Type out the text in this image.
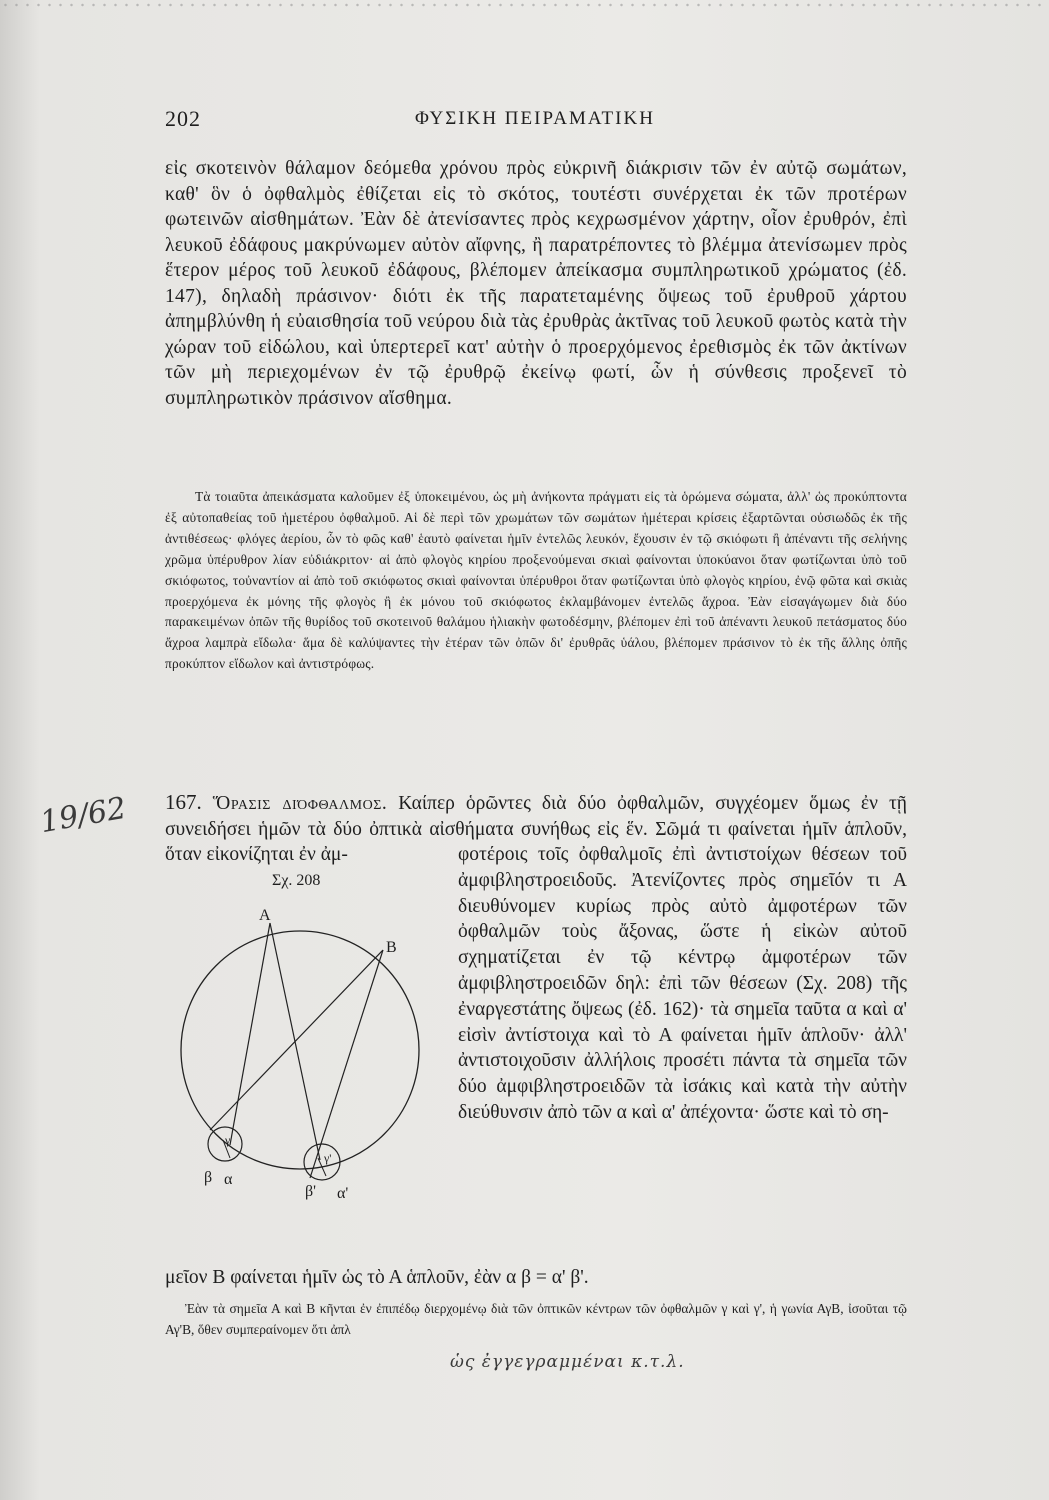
202	ΦΥΣΙΚΗ ΠΕΙΡΑΜΑΤΙΚΗ
εἰς σκοτεινὸν θάλαμον δεόμεθα χρόνου πρὸς εὐκρινῆ διάκρισιν τῶν ἐν αὐτῷ σωμάτων, καθ' ὃν ὁ ὀφθαλμὸς ἐθίζεται εἰς τὸ σκότος, τουτέστι συνέρχεται ἐκ τῶν προτέρων φωτεινῶν αἰσθημάτων. Ἐὰν δὲ ἀτενίσαντες πρὸς κεχρωσμένον χάρτην, οἷον ἐρυθρόν, ἐπὶ λευκοῦ ἐδάφους μακρύνωμεν αὐτὸν αἴφνης, ἢ παρατρέποντες τὸ βλέμμα ἀτενίσωμεν πρὸς ἕτερον μέρος τοῦ λευκοῦ ἐδάφους, βλέπομεν ἀπείκασμα συμπληρωτικοῦ χρώματος (ἐδ. 147), δηλαδὴ πράσινον· διότι ἐκ τῆς παρατεταμένης ὄψεως τοῦ ἐρυθροῦ χάρτου ἀπημβλύνθη ἡ εὐαισθησία τοῦ νεύρου διὰ τὰς ἐρυθρὰς ἀκτῖνας τοῦ λευκοῦ φωτὸς κατὰ τὴν χώραν τοῦ εἰδώλου, καὶ ὑπερτερεῖ κατ' αὐτὴν ὁ προερχόμενος ἐρεθισμὸς ἐκ τῶν ἀκτίνων τῶν μὴ περιεχομένων ἐν τῷ ἐρυθρῷ ἐκείνῳ φωτί, ὧν ἡ σύνθεσις προξενεῖ τὸ συμπληρωτικὸν πράσινον αἴσθημα.
Τὰ τοιαῦτα ἀπεικάσματα καλοῦμεν ἐξ ὑποκειμένου, ὡς μὴ ἀνήκοντα πράγματι εἰς τὰ ὁρώμενα σώματα, ἀλλ' ὡς προκύπτοντα ἐξ αὐτοπαθείας τοῦ ἡμετέρου ὀφθαλμοῦ. Αἱ δὲ περὶ τῶν χρωμάτων τῶν σωμάτων ἡμέτεραι κρίσεις ἐξαρτῶνται οὐσιωδῶς ἐκ τῆς ἀντιθέσεως· φλόγες ἀερίου, ὧν τὸ φῶς καθ' ἑαυτὸ φαίνεται ἡμῖν ἐντελῶς λευκόν, ἔχουσιν ἐν τῷ σκιόφωτι ἢ ἀπέναντι τῆς σελήνης χρῶμα ὑπέρυθρον λίαν εὐδιάκριτον· αἱ ἀπὸ φλογὸς κηρίου προξενούμεναι σκιαὶ φαίνονται ὑποκύανοι ὅταν φωτίζωνται ὑπὸ τοῦ σκιόφωτος, τοὐναντίον αἱ ἀπὸ τοῦ σκιόφωτος σκιαὶ φαίνονται ὑπέρυθροι ὅταν φωτίζωνται ὑπὸ φλογὸς κηρίου, ἐνῷ φῶτα καὶ σκιὰς προερχόμενα ἐκ μόνης τῆς φλογὸς ἢ ἐκ μόνου τοῦ σκιόφωτος ἐκλαμβάνομεν ἐντελῶς ἄχροα. Ἐὰν εἰσαγάγωμεν διὰ δύο παρακειμένων ὀπῶν τῆς θυρίδος τοῦ σκοτεινοῦ θαλάμου ἡλιακὴν φωτοδέσμην, βλέπομεν ἐπὶ τοῦ ἀπέναντι λευκοῦ πετάσματος δύο ἄχροα λαμπρὰ εἴδωλα· ἅμα δὲ καλύψαντες τὴν ἑτέραν τῶν ὀπῶν δι' ἐρυθρᾶς ὑάλου, βλέπομεν πράσινον τὸ ἐκ τῆς ἄλλης ὀπῆς προκύπτον εἴδωλον καὶ ἀντιστρόφως.
167. Ὅρασις διόφθαλμος. Καίπερ ὁρῶντες διὰ δύο ὀφθαλμῶν, συγχέομεν ὅμως ἐν τῇ συνειδήσει ἡμῶν τὰ δύο ὀπτικὰ αἰσθήματα συνήθως εἰς ἕν. Σῶμά τι φαίνεται ἡμῖν ἁπλοῦν, ὅταν εἰκονίζηται ἐν ἀμ-
Σχ. 208
A
B
γ
γ'
β α
β' α'
φοτέροις τοῖς ὀφθαλμοῖς ἐπὶ ἀντιστοίχων θέσεων τοῦ ἀμφιβληστροειδοῦς. Ἀτενίζοντες πρὸς σημεῖόν τι Α διευθύνομεν κυρίως πρὸς αὐτὸ ἀμφοτέρων τῶν ὀφθαλμῶν τοὺς ἄξονας, ὥστε ἡ εἰκὼν αὐτοῦ σχηματίζεται ἐν τῷ κέντρῳ ἀμφοτέρων τῶν ἀμφιβληστροειδῶν δηλ: ἐπὶ τῶν θέσεων (Σχ. 208) τῆς ἐναργεστάτης ὄψεως (ἐδ. 162)· τὰ σημεῖα ταῦτα α καὶ α' εἰσὶν ἀντίστοιχα καὶ τὸ Α φαίνεται ἡμῖν ἁπλοῦν· ἀλλ' ἀντιστοιχοῦσιν ἀλλήλοις προσέτι πάντα τὰ σημεῖα τῶν δύο ἀμφιβληστροειδῶν τὰ ἰσάκις καὶ κατὰ τὴν αὐτὴν διεύθυνσιν ἀπὸ τῶν α καὶ α' ἀπέχοντα· ὥστε καὶ τὸ ση-
μεῖον Β φαίνεται ἡμῖν ὡς τὸ Α ἁπλοῦν, ἐὰν α β = α' β'.
Ἐὰν τὰ σημεῖα Α καὶ Β κῆνται ἐν ἐπιπέδῳ διερχομένῳ διὰ τῶν ὀπτικῶν κέντρων τῶν ὀφθαλμῶν γ καὶ γ', ἡ γωνία ΑγΒ, ἰσοῦται τῷ Αγ'Β, ὅθεν συμπεραίνομεν ὅτι ἀπλ
ὡς ἐγγεγραμμέναι κ.τ.λ.
19/62
